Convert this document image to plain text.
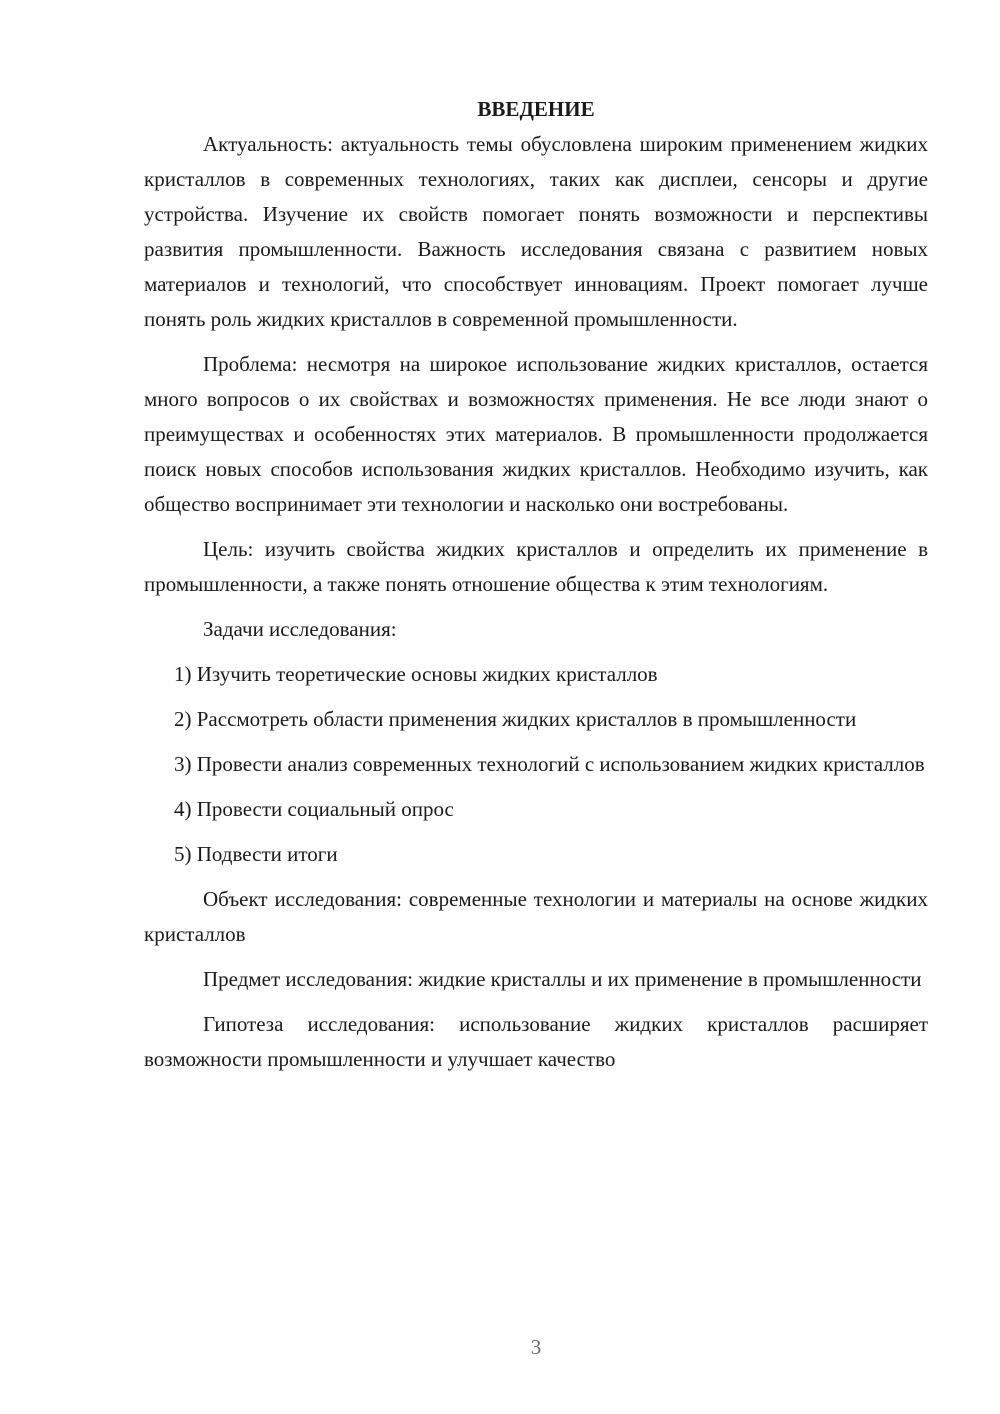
ВВЕДЕНИЕ

Актуальность: актуальность темы обусловлена широким применением жидких кристаллов в современных технологиях, таких как дисплеи, сенсоры и другие устройства. Изучение их свойств помогает понять возможности и перспективы развития промышленности. Важность исследования связана с развитием новых материалов и технологий, что способствует инновациям. Проект помогает лучше понять роль жидких кристаллов в современной промышленности.

Проблема: несмотря на широкое использование жидких кристаллов, остается много вопросов о их свойствах и возможностях применения. Не все люди знают о преимуществах и особенностях этих материалов. В промышленности продолжается поиск новых способов использования жидких кристаллов. Необходимо изучить, как общество воспринимает эти технологии и насколько они востребованы.

Цель: изучить свойства жидких кристаллов и определить их применение в промышленности, а также понять отношение общества к этим технологиям.

Задачи исследования:

1) Изучить теоретические основы жидких кристаллов

2) Рассмотреть области применения жидких кристаллов в промышленности

3) Провести анализ современных технологий с использованием жидких кристаллов

4) Провести социальный опрос

5) Подвести итоги

Объект исследования: современные технологии и материалы на основе жидких кристаллов

Предмет исследования: жидкие кристаллы и их применение в промышленности

Гипотеза исследования: использование жидких кристаллов расширяет возможности промышленности и улучшает качество

3
